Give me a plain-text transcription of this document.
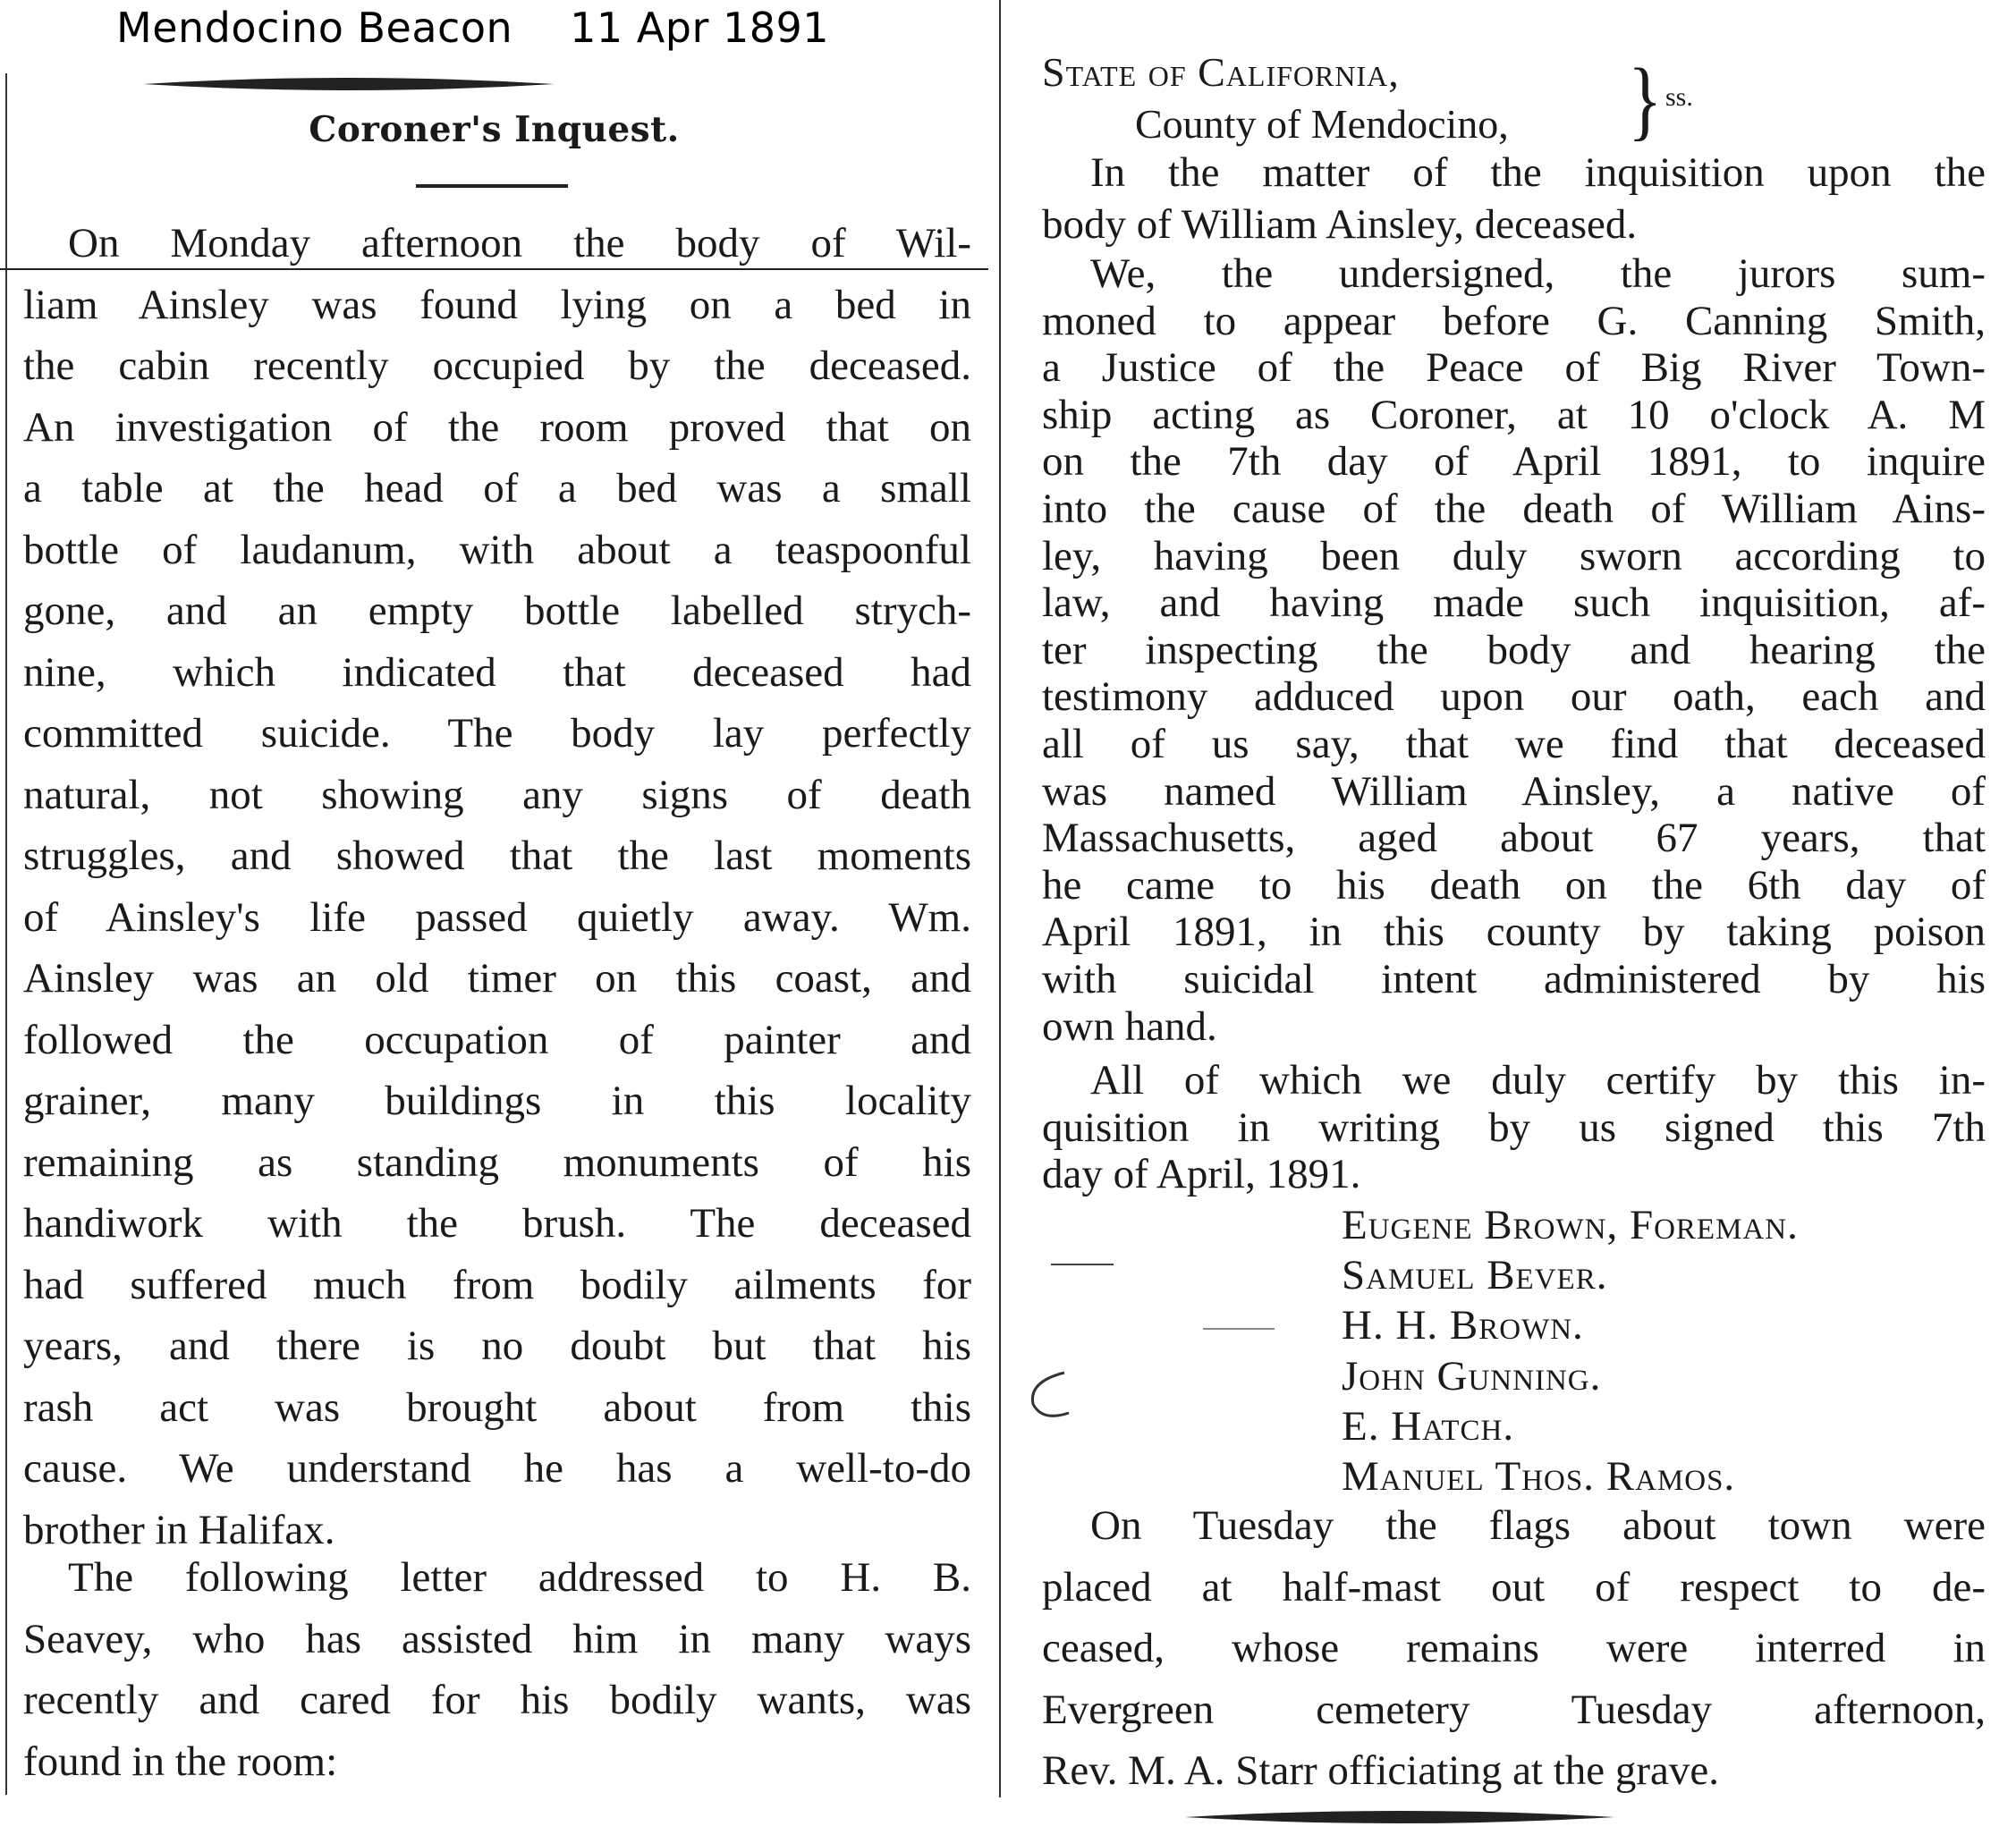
Mendocino Beacon 11 Apr 1891
Coroner's Inquest.
On Monday afternoon the body of Wil-
liam Ainsley was found lying on a bed in
the cabin recently occupied by the deceased.
An investigation of the room proved that on
a table at the head of a bed was a small
bottle of laudanum, with about a teaspoonful
gone, and an empty bottle labelled strych-
nine, which indicated that deceased had
committed suicide. The body lay perfectly
natural, not showing any signs of death
struggles, and showed that the last moments
of Ainsley's life passed quietly away. Wm.
Ainsley was an old timer on this coast, and
followed the occupation of painter and
grainer, many buildings in this locality
remaining as standing monuments of his
handiwork with the brush. The deceased
had suffered much from bodily ailments for
years, and there is no doubt but that his
rash act was brought about from this
cause. We understand he has a well-to-do
brother in Halifax.
The following letter addressed to H. B.
Seavey, who has assisted him in many ways
recently and cared for his bodily wants, was
found in the room:
State of California,
County of Mendocino, } ss.
In the matter of the inquisition upon the
body of William Ainsley, deceased.
We, the undersigned, the jurors sum-
moned to appear before G. Canning Smith,
a Justice of the Peace of Big River Town-
ship acting as Coroner, at 10 o'clock A. M
on the 7th day of April 1891, to inquire
into the cause of the death of William Ains-
ley, having been duly sworn according to
law, and having made such inquisition, af-
ter inspecting the body and hearing the
testimony adduced upon our oath, each and
all of us say, that we find that deceased
was named William Ainsley, a native of
Massachusetts, aged about 67 years, that
he came to his death on the 6th day of
April 1891, in this county by taking poison
with suicidal intent administered by his
own hand.
All of which we duly certify by this in-
quisition in writing by us signed this 7th
day of April, 1891.
Eugene Brown, Foreman.
Samuel Bever.
H. H. Brown.
John Gunning.
E. Hatch.
Manuel Thos. Ramos.
On Tuesday the flags about town were
placed at half-mast out of respect to de-
ceased, whose remains were interred in
Evergreen cemetery Tuesday afternoon,
Rev. M. A. Starr officiating at the grave.
